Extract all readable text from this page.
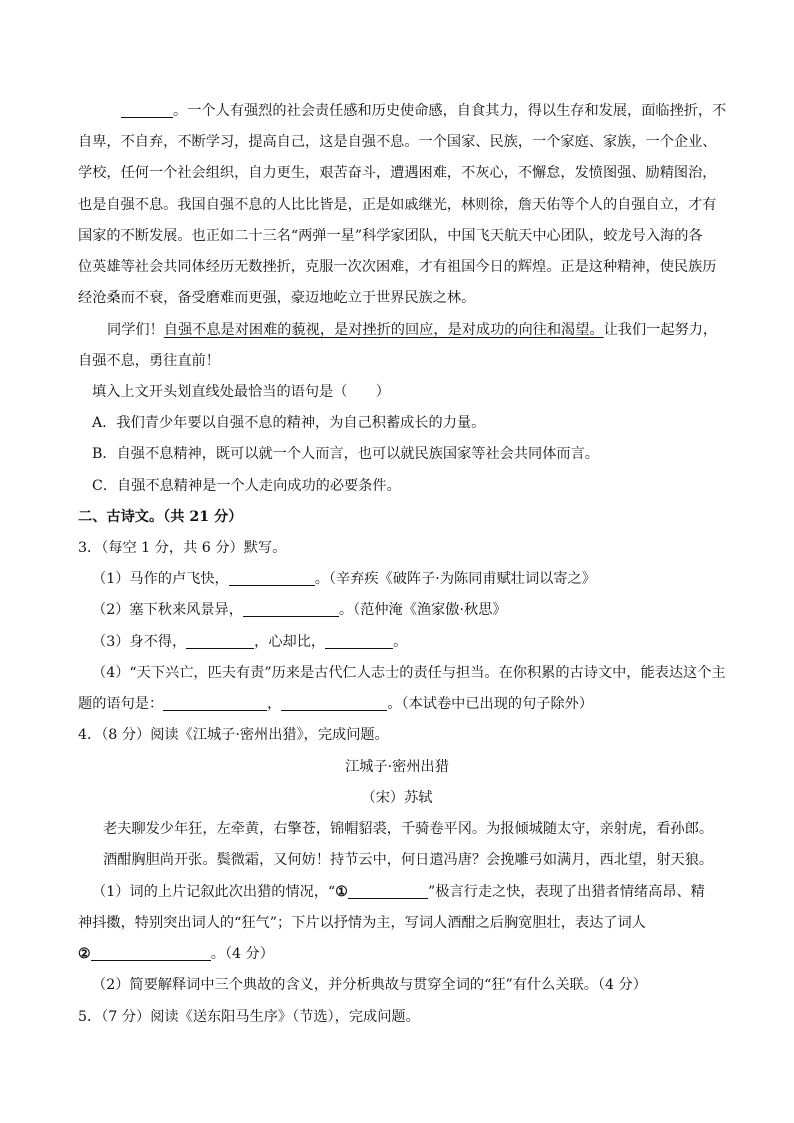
。一个人有强烈的社会责任感和历史使命感，自食其力，得以生存和发展，面临挫折，不
自卑，不自弃，不断学习，提高自己，这是自强不息。一个国家、民族，一个家庭、家族，一个企业、
学校，任何一个社会组织，自力更生，艰苦奋斗，遭遇困难，不灰心，不懈怠，发愤图强、励精图治，
也是自强不息。我国自强不息的人比比皆是，正是如戚继光，林则徐，詹天佑等个人的自强自立，才有
国家的不断发展。也正如二十三名“两弹一星”科学家团队，中国飞天航天中心团队，蛟龙号入海的各
位英雄等社会共同体经历无数挫折，克服一次次困难，才有祖国今日的辉煌。正是这种精神，使民族历
经沧桑而不衰，备受磨难而更强，豪迈地屹立于世界民族之林。
同学们！自强不息是对困难的藐视，是对挫折的回应，是对成功的向往和渴望。让我们一起努力，
自强不息，勇往直前！
填入上文开头划直线处最恰当的语句是（　　）
A．我们青少年要以自强不息的精神，为自己积蓄成长的力量。
B．自强不息精神，既可以就一个人而言，也可以就民族国家等社会共同体而言。
C．自强不息精神是一个人走向成功的必要条件。
二、古诗文。（共 21 分）
3．（每空 1 分，共 6 分）默写。
（1）马作的卢飞快，	。（辛弃疾《破阵子·为陈同甫赋壮词以寄之》
（2）塞下秋来风景异，	。（范仲淹《渔家傲·秋思》
（3）身不得，	，心却比，	。
（4）“天下兴亡，匹夫有责”历来是古代仁人志士的责任与担当。在你积累的古诗文中，能表达这个主
题的语句是：	，	。（本试卷中已出现的句子除外）
4．（8 分）阅读《江城子·密州出猎》，完成问题。
江城子·密州出猎
（宋）苏轼
老夫聊发少年狂，左牵黄，右擎苍，锦帽貂裘，千骑卷平冈。为报倾城随太守，亲射虎，看孙郎。
酒酣胸胆尚开张。鬓微霜，又何妨！持节云中，何日遣冯唐？会挽雕弓如满月，西北望，射天狼。
（1）词的上片记叙此次出猎的情况，“①	”极言行走之快，表现了出猎者情绪高昂、精
神抖擞，特别突出词人的“狂气”；下片以抒情为主，写词人酒酣之后胸宽胆壮，表达了词人
②	。（4 分）
（2）简要解释词中三个典故的含义，并分析典故与贯穿全词的“狂”有什么关联。（4 分）
5．（7 分）阅读《送东阳马生序》（节选），完成问题。
